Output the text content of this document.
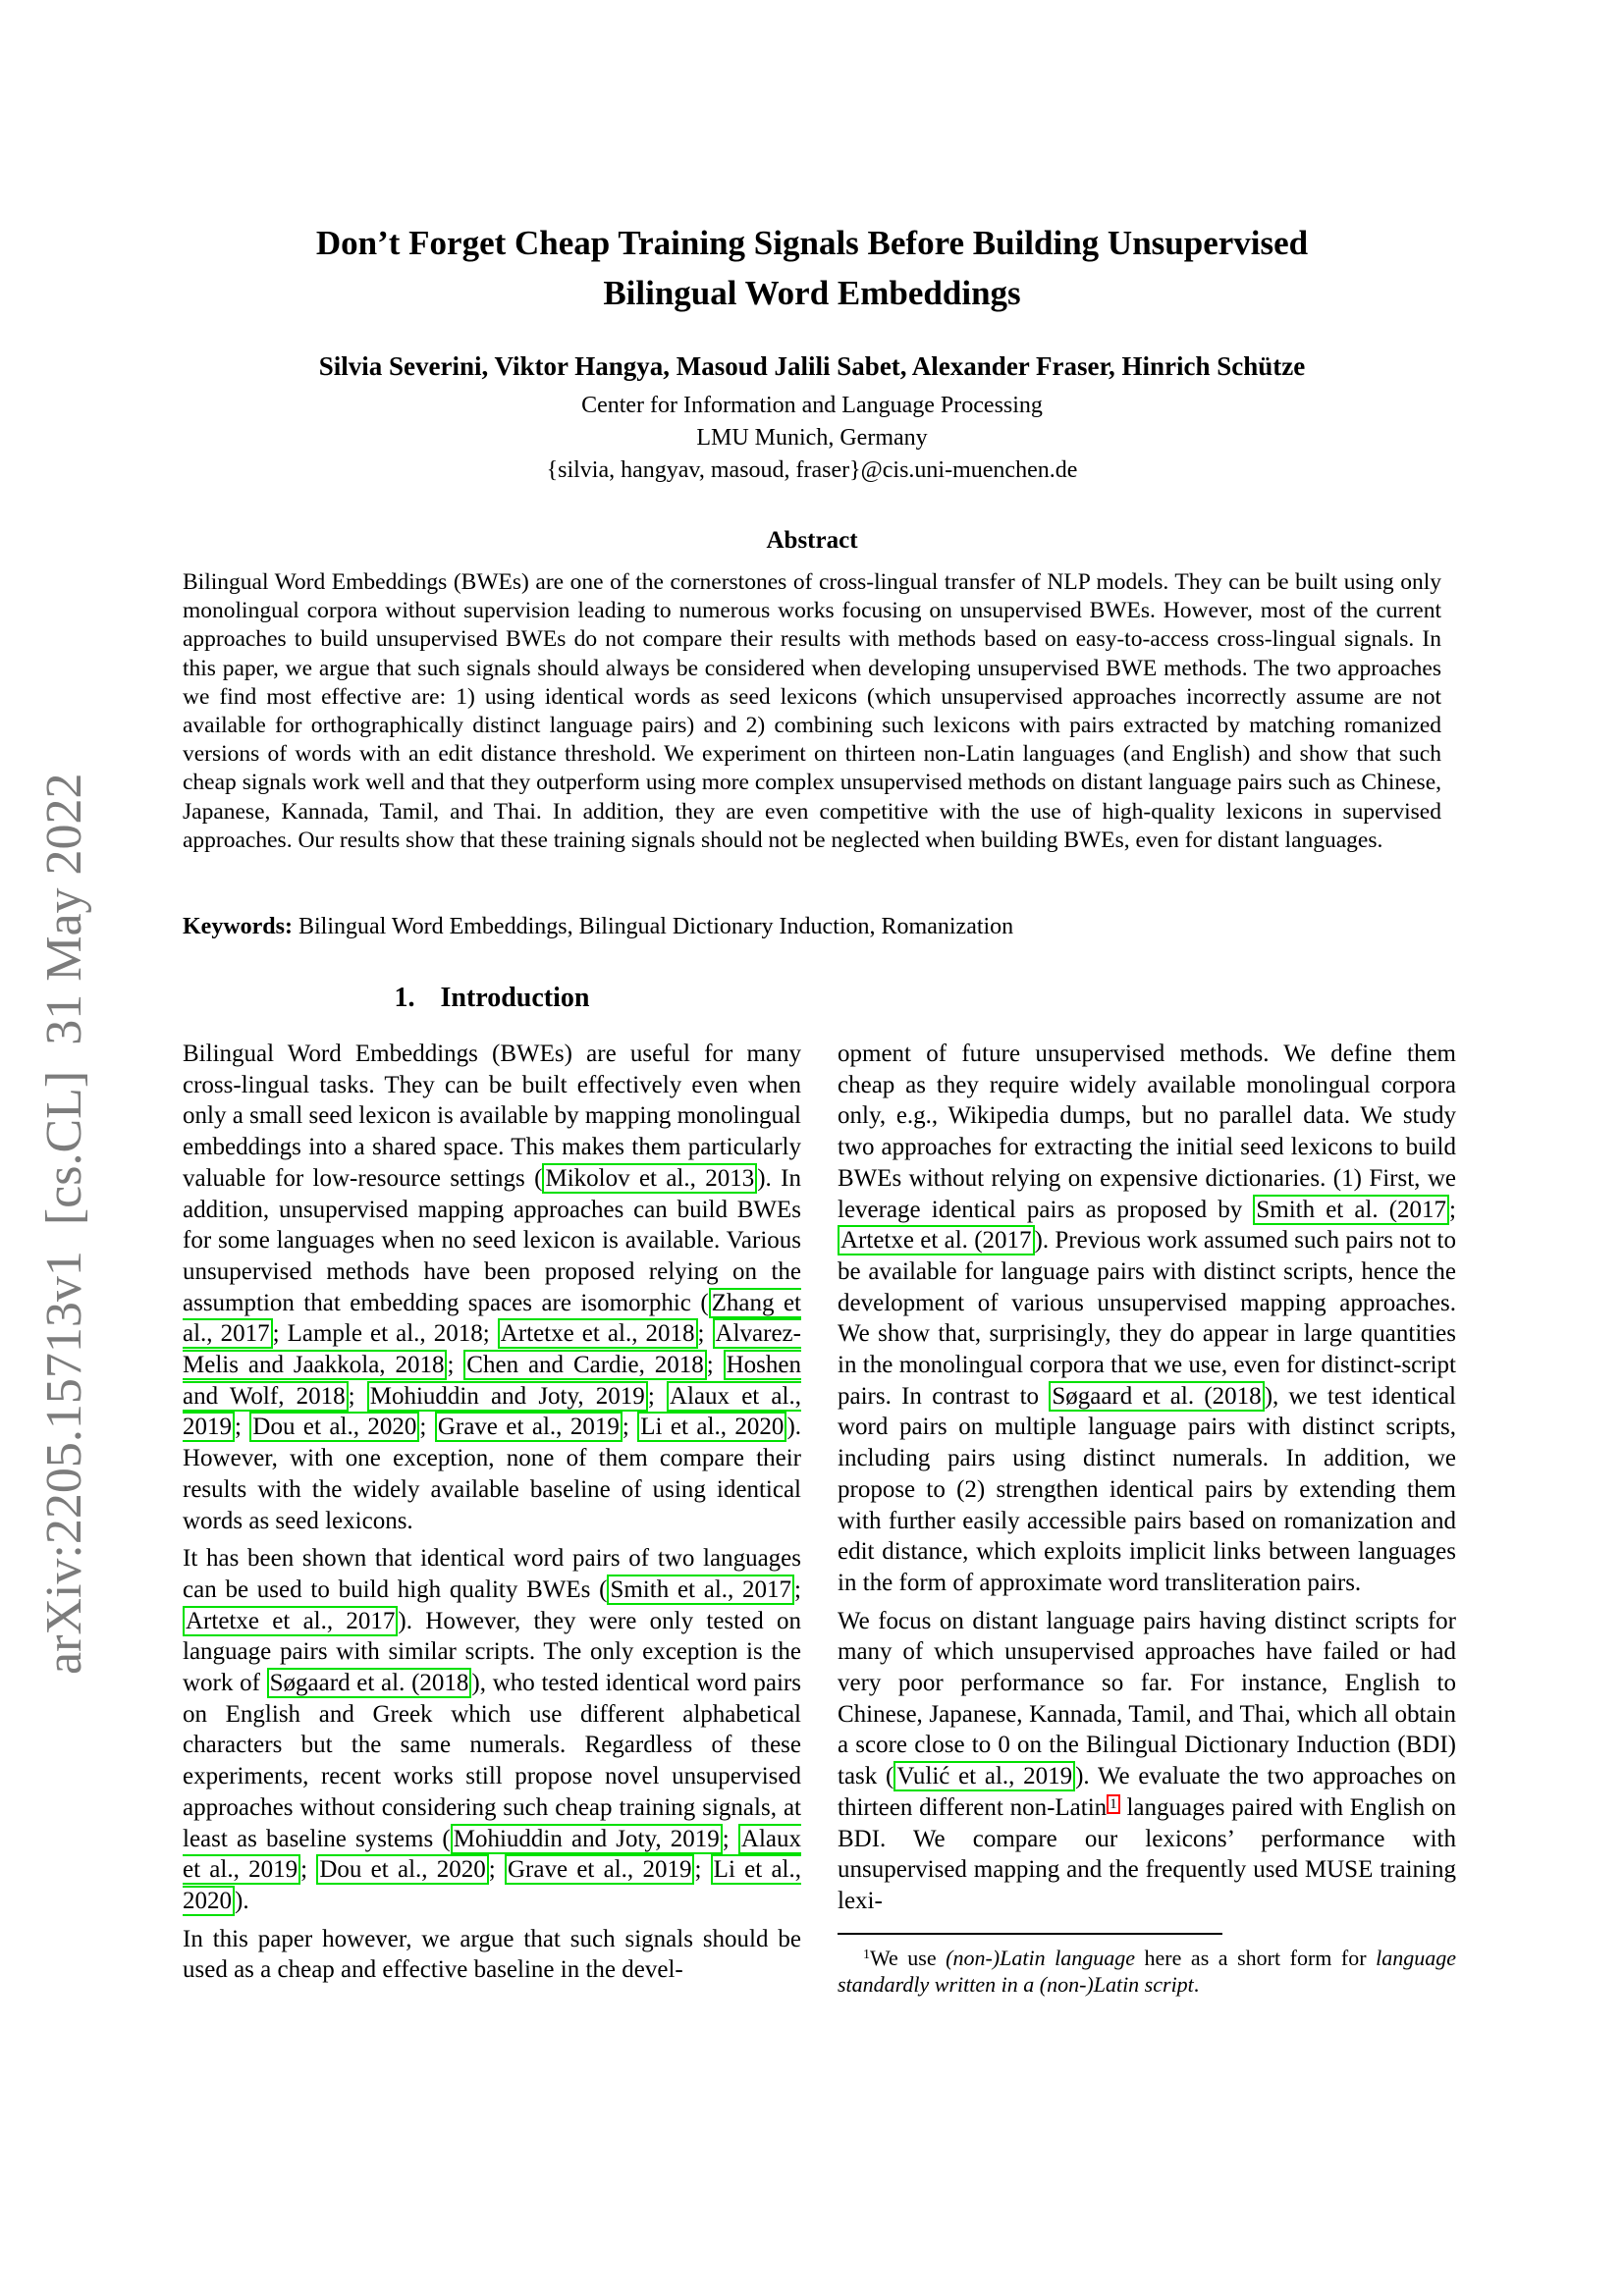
arXiv:2205.15713v1  [cs.CL]  31 May 2022
Don’t Forget Cheap Training Signals Before Building Unsupervised
Bilingual Word Embeddings
Silvia Severini, Viktor Hangya, Masoud Jalili Sabet, Alexander Fraser, Hinrich Schütze
Center for Information and Language Processing
LMU Munich, Germany
{silvia, hangyav, masoud, fraser}@cis.uni-muenchen.de
Abstract
Bilingual Word Embeddings (BWEs) are one of the cornerstones of cross-lingual transfer of NLP models. They can be built using only monolingual corpora without supervision leading to numerous works focusing on unsupervised BWEs. However, most of the current approaches to build unsupervised BWEs do not compare their results with methods based on easy-to-access cross-lingual signals. In this paper, we argue that such signals should always be considered when developing unsupervised BWE methods. The two approaches we find most effective are: 1) using identical words as seed lexicons (which unsupervised approaches incorrectly assume are not available for orthographically distinct language pairs) and 2) combining such lexicons with pairs extracted by matching romanized versions of words with an edit distance threshold. We experiment on thirteen non-Latin languages (and English) and show that such cheap signals work well and that they outperform using more complex unsupervised methods on distant language pairs such as Chinese, Japanese, Kannada, Tamil, and Thai. In addition, they are even competitive with the use of high-quality lexicons in supervised approaches. Our results show that these training signals should not be neglected when building BWEs, even for distant languages.
Keywords: Bilingual Word Embeddings, Bilingual Dictionary Induction, Romanization
1. Introduction

Bilingual Word Embeddings (BWEs) are useful for many cross-lingual tasks. They can be built effectively even when only a small seed lexicon is available by mapping monolingual embeddings into a shared space. This makes them particularly valuable for low-resource settings ( Mikolov et al., 2013 ). In addition, unsupervised mapping approaches can build BWEs for some languages when no seed lexicon is available. Various unsupervised methods have been proposed relying on the assumption that embedding spaces are isomorphic ( Zhang et al., 2017 ; Lample et al., 2018; Artetxe et al., 2018 ; Alvarez-Melis and Jaakkola, 2018 ; Chen and Cardie, 2018 ; Hoshen and Wolf, 2018 ; Mohiuddin and Joty, 2019 ; Alaux et al., 2019 ; Dou et al., 2020 ; Grave et al., 2019 ; Li et al., 2020 ). However, with one exception, none of them compare their results with the widely available baseline of using identical words as seed lexicons.

It has been shown that identical word pairs of two languages can be used to build high quality BWEs ( Smith et al., 2017 ; Artetxe et al., 2017 ). However, they were only tested on language pairs with similar scripts. The only exception is the work of Søgaard et al. (2018 ), who tested identical word pairs on English and Greek which use different alphabetical characters but the same numerals. Regardless of these experiments, recent works still propose novel unsupervised approaches without considering such cheap training signals, at least as baseline systems ( Mohiuddin and Joty, 2019 ; Alaux et al., 2019 ; Dou et al., 2020 ; Grave et al., 2019 ; Li et al., 2020 ).

In this paper however, we argue that such signals should be used as a cheap and effective baseline in the devel-

opment of future unsupervised methods. We define them cheap as they require widely available monolingual corpora only, e.g., Wikipedia dumps, but no parallel data. We study two approaches for extracting the initial seed lexicons to build BWEs without relying on expensive dictionaries. (1) First, we leverage identical pairs as proposed by Smith et al. (2017 ; Artetxe et al. (2017 ). Previous work assumed such pairs not to be available for language pairs with distinct scripts, hence the development of various unsupervised mapping approaches. We show that, surprisingly, they do appear in large quantities in the monolingual corpora that we use, even for distinct-script pairs. In contrast to Søgaard et al. (2018 ), we test identical word pairs on multiple language pairs with distinct scripts, including pairs using distinct numerals. In addition, we propose to (2) strengthen identical pairs by extending them with further easily accessible pairs based on romanization and edit distance, which exploits implicit links between languages in the form of approximate word transliteration pairs.

We focus on distant language pairs having distinct scripts for many of which unsupervised approaches have failed or had very poor performance so far. For instance, English to Chinese, Japanese, Kannada, Tamil, and Thai, which all obtain a score close to 0 on the Bilingual Dictionary Induction (BDI) task ( Vulić et al., 2019 ). We evaluate the two approaches on thirteen different non-Latin $^1$ languages paired with English on BDI. We compare our lexicons’ performance with unsupervised mapping and the frequently used MUSE training lexi-

$^1$We use (non-)Latin language here as a short form for language standardly written in a (non-)Latin script.
